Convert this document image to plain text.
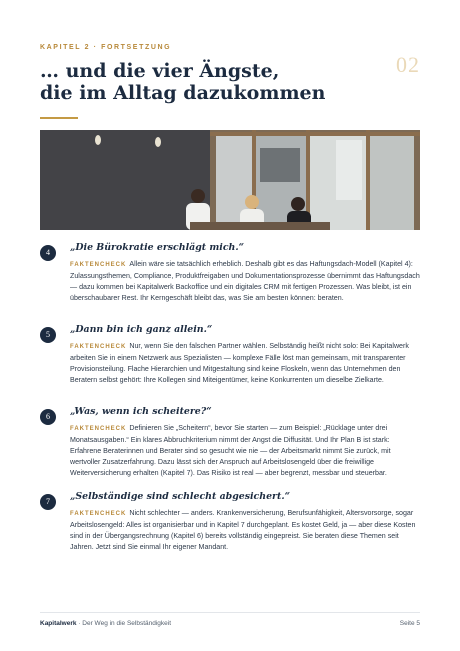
KAPITEL 2 · FORTSETZUNG
02
… und die vier Ängste,
die im Alltag dazukommen
4	„Die Bürokratie erschlägt mich.“

FAKTENCHECK Allein wäre sie tatsächlich erheblich. Deshalb gibt es das Haftungsdach-Modell (Kapitel 4): Zulassungsthemen, Compliance, Produktfreigaben und Dokumentationsprozesse übernimmt das Haftungsdach — dazu kommen bei Kapitalwerk Backoffice und ein digitales CRM mit fertigen Prozessen. Was bleibt, ist ein überschaubarer Rest. Ihr Kerngeschäft bleibt das, was Sie am besten können: beraten.

5	„Dann bin ich ganz allein.“

FAKTENCHECK Nur, wenn Sie den falschen Partner wählen. Selbständig heißt nicht solo: Bei Kapitalwerk arbeiten Sie in einem Netzwerk aus Spezialisten — komplexe Fälle löst man gemeinsam, mit transparenter Provisionsteilung. Flache Hierarchien und Mitgestaltung sind keine Floskeln, wenn das Unternehmen den Beratern selbst gehört: Ihre Kollegen sind Miteigentümer, keine Konkurrenten um dieselbe Zielkarte.

6	„Was, wenn ich scheitere?“

FAKTENCHECK Definieren Sie „Scheitern“, bevor Sie starten — zum Beispiel: „Rücklage unter drei Monatsausgaben.“ Ein klares Abbruchkriterium nimmt der Angst die Diffusität. Und Ihr Plan B ist stark: Erfahrene Beraterinnen und Berater sind so gesucht wie nie — der Arbeitsmarkt nimmt Sie zurück, mit wertvoller Zusatzerfahrung. Dazu lässt sich der Anspruch auf Arbeitslosengeld über die freiwillige Weiterversicherung erhalten (Kapitel 7). Das Risiko ist real — aber begrenzt, messbar und steuerbar.

7	„Selbständige sind schlecht abgesichert.“

FAKTENCHECK Nicht schlechter — anders. Krankenversicherung, Berufsunfähigkeit, Altersvorsorge, sogar Arbeitslosengeld: Alles ist organisierbar und in Kapitel 7 durchgeplant. Es kostet Geld, ja — aber diese Kosten sind in der Übergangsrechnung (Kapitel 6) bereits vollständig eingepreist. Sie beraten diese Themen seit Jahren. Jetzt sind Sie einmal Ihr eigener Mandant.

Kapitalwerk · Der Weg in die Selbständigkeit	Seite 5
